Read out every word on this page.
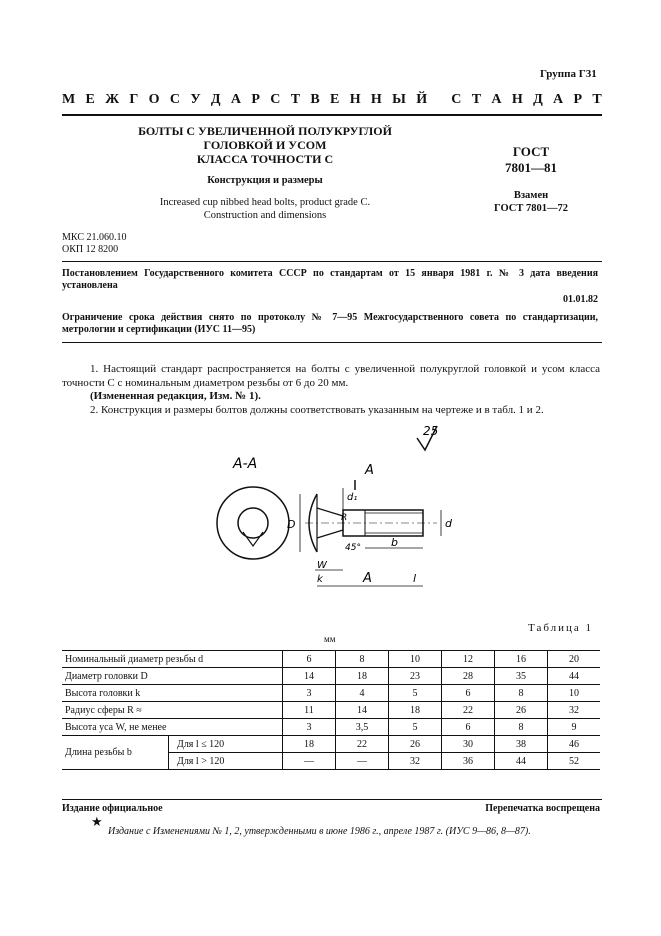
Группа Г31
М Е Ж Г О С У Д А Р С Т В Е Н Н Ы Й
С Т А Н Д А Р Т
БОЛТЫ С УВЕЛИЧЕННОЙ ПОЛУКРУГЛОЙ
ГОЛОВКОЙ И УСОМ
КЛАССА ТОЧНОСТИ С
Конструкция и размеры
Increased cup nibbed head bolts, product grade C.
Construction and dimensions
ГОСТ
7801—81
Взамен
ГОСТ 7801—72
МКС 21.060.10
ОКП 12 8200
Постановлением Государственного комитета СССР по стандартам от 15 января 1981 г. № 3 дата введения установлена
01.01.82
Ограничение срока действия снято по протоколу № 7—95 Межгосударственного совета по стандартизации, метрологии и сертификации (ИУС 11—95)
1. Настоящий стандарт распространяется на болты с увеличенной полукруглой головкой и усом класса точности С с номинальным диаметром резьбы от 6 до 20 мм.
(Измененная редакция, Изм. № 1).
2. Конструкция и размеры болтов должны соответствовать указанным на чертеже и в табл. 1 и 2.
25
А-А	А
А
D	d
d₁
R
45°	b
W
k	l
Таблица 1
мм
Номинальный диаметр резьбы d		6	8	10	12	16	20
Диаметр головки D		14	18	23	28	35	44
Высота головки k		3	4	5	6	8	10
Радиус сферы R ≈		11	14	18	22	26	32
Высота уса W, не менее		3	3,5	5	6	8	9
Длина резьбы b	Для l ≤ 120	18	22	26	30	38	46
	Для l > 120	—	—	32	36	44	52
Издание официальное	Перепечатка воспрещена
★
Издание с Изменениями № 1, 2, утвержденными в июне 1986 г., апреле 1987 г. (ИУС 9—86, 8—87).
